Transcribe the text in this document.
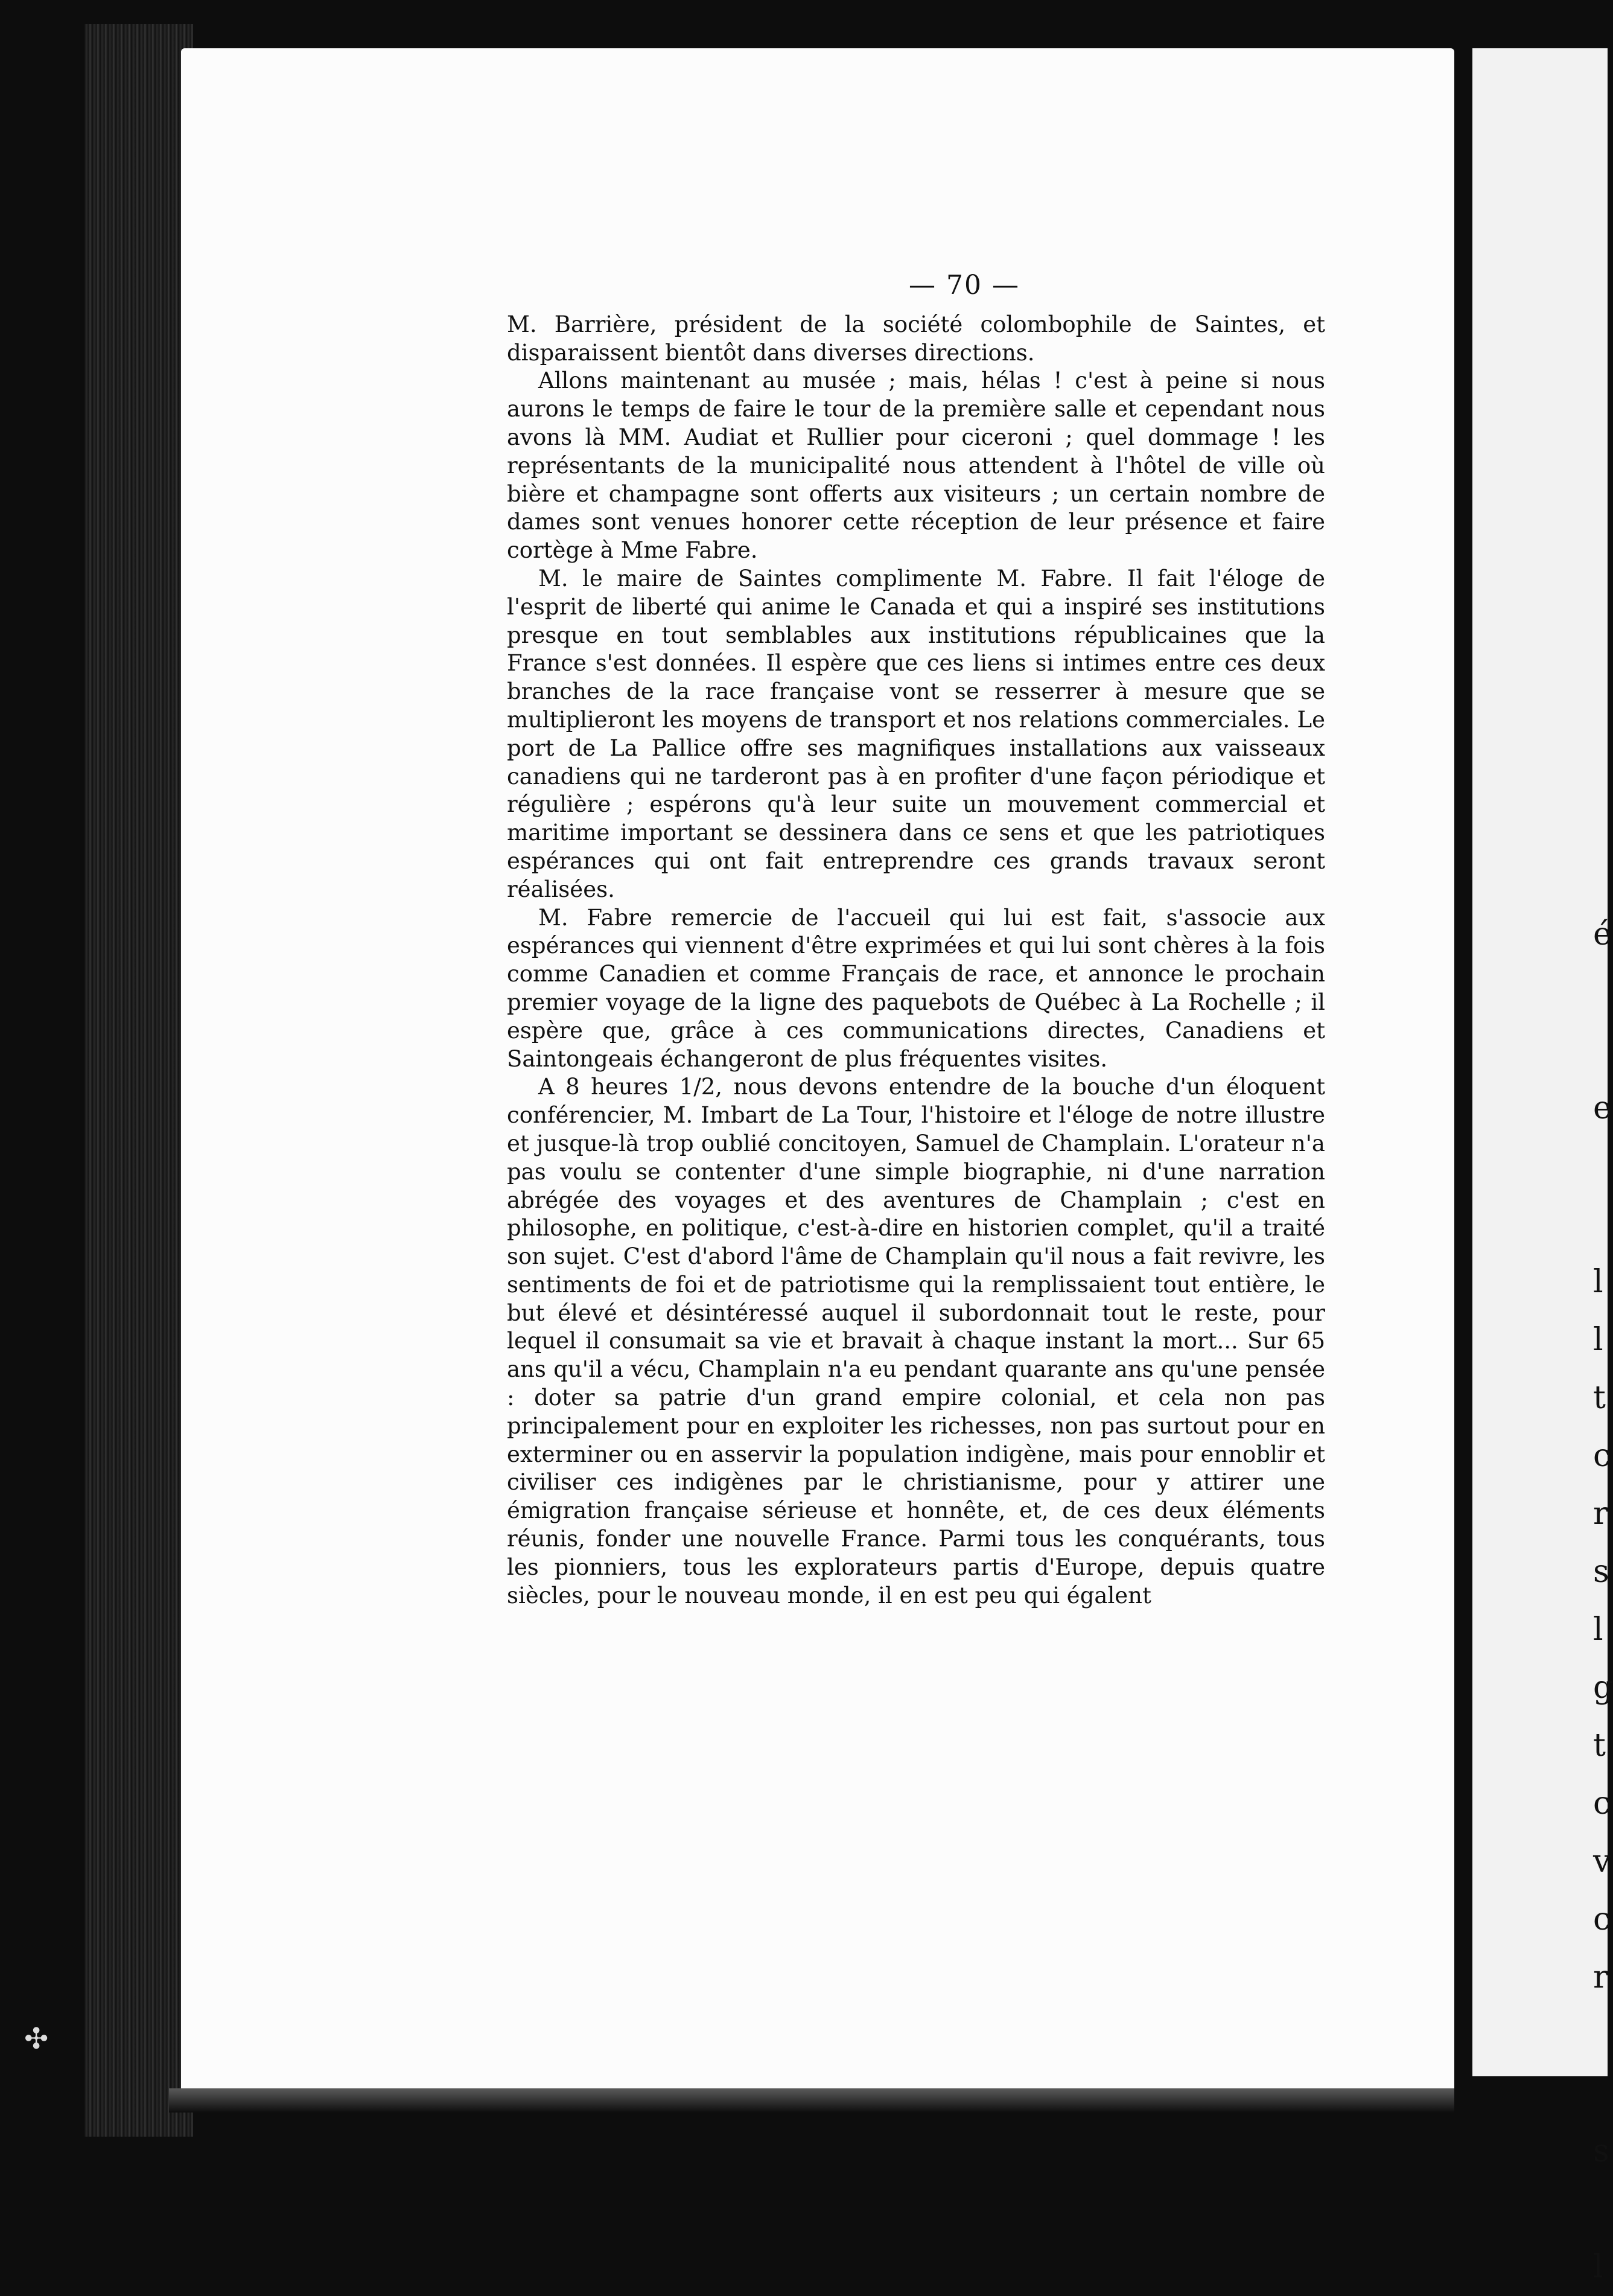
é

e

l
l
t
c
r
s
l
g
t
c
v
c
r

s

l

— 70 —

M. Barrière, président de la société colombophile de Saintes, et disparaissent bientôt dans diverses directions.

Allons maintenant au musée ; mais, hélas ! c'est à peine si nous aurons le temps de faire le tour de la première salle et cependant nous avons là MM. Audiat et Rullier pour ciceroni ; quel dommage ! les représentants de la municipalité nous attendent à l'hôtel de ville où bière et champagne sont offerts aux visiteurs ; un certain nombre de dames sont venues honorer cette réception de leur présence et faire cortège à Mme Fabre.

M. le maire de Saintes complimente M. Fabre. Il fait l'éloge de l'esprit de liberté qui anime le Canada et qui a inspiré ses institutions presque en tout semblables aux institutions républicaines que la France s'est données. Il espère que ces liens si intimes entre ces deux branches de la race française vont se resserrer à mesure que se multiplieront les moyens de transport et nos relations commerciales. Le port de La Pallice offre ses magnifiques installations aux vaisseaux canadiens qui ne tarderont pas à en profiter d'une façon périodique et régulière ; espérons qu'à leur suite un mouvement commercial et maritime important se dessinera dans ce sens et que les patriotiques espérances qui ont fait entreprendre ces grands travaux seront réalisées.

M. Fabre remercie de l'accueil qui lui est fait, s'associe aux espérances qui viennent d'être exprimées et qui lui sont chères à la fois comme Canadien et comme Français de race, et annonce le prochain premier voyage de la ligne des paquebots de Québec à La Rochelle ; il espère que, grâce à ces communications directes, Canadiens et Saintongeais échangeront de plus fréquentes visites.

A 8 heures 1/2, nous devons entendre de la bouche d'un éloquent conférencier, M. Imbart de La Tour, l'histoire et l'éloge de notre illustre et jusque-là trop oublié concitoyen, Samuel de Champlain. L'orateur n'a pas voulu se contenter d'une simple biographie, ni d'une narration abrégée des voyages et des aventures de Champlain ; c'est en philosophe, en politique, c'est-à-dire en historien complet, qu'il a traité son sujet. C'est d'abord l'âme de Champlain qu'il nous a fait revivre, les sentiments de foi et de patriotisme qui la remplissaient tout entière, le but élevé et désintéressé auquel il subordonnait tout le reste, pour lequel il consumait sa vie et bravait à chaque instant la mort... Sur 65 ans qu'il a vécu, Champlain n'a eu pendant quarante ans qu'une pensée : doter sa patrie d'un grand empire colonial, et cela non pas principalement pour en exploiter les richesses, non pas surtout pour en exterminer ou en asservir la population indigène, mais pour ennoblir et civiliser ces indigènes par le christianisme, pour y attirer une émigration française sérieuse et honnête, et, de ces deux éléments réunis, fonder une nouvelle France. Parmi tous les conquérants, tous les pionniers, tous les explorateurs partis d'Europe, depuis quatre siècles, pour le nouveau monde, il en est peu qui égalent

✣
